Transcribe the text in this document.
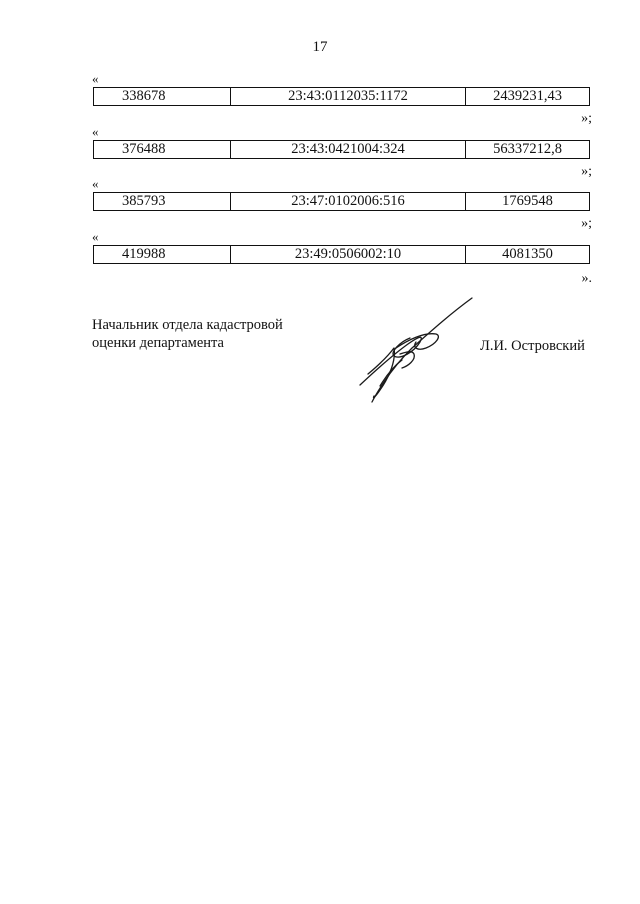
17
«
338678	23:43:0112035:1172	2439231,43
»;
«
376488	23:43:0421004:324	56337212,8
»;
«
385793	23:47:0102006:516	1769548
»;
«
419988	23:49:0506002:10	4081350
».
Начальник отдела кадастровой
оценки департамента	Л.И. Островский
